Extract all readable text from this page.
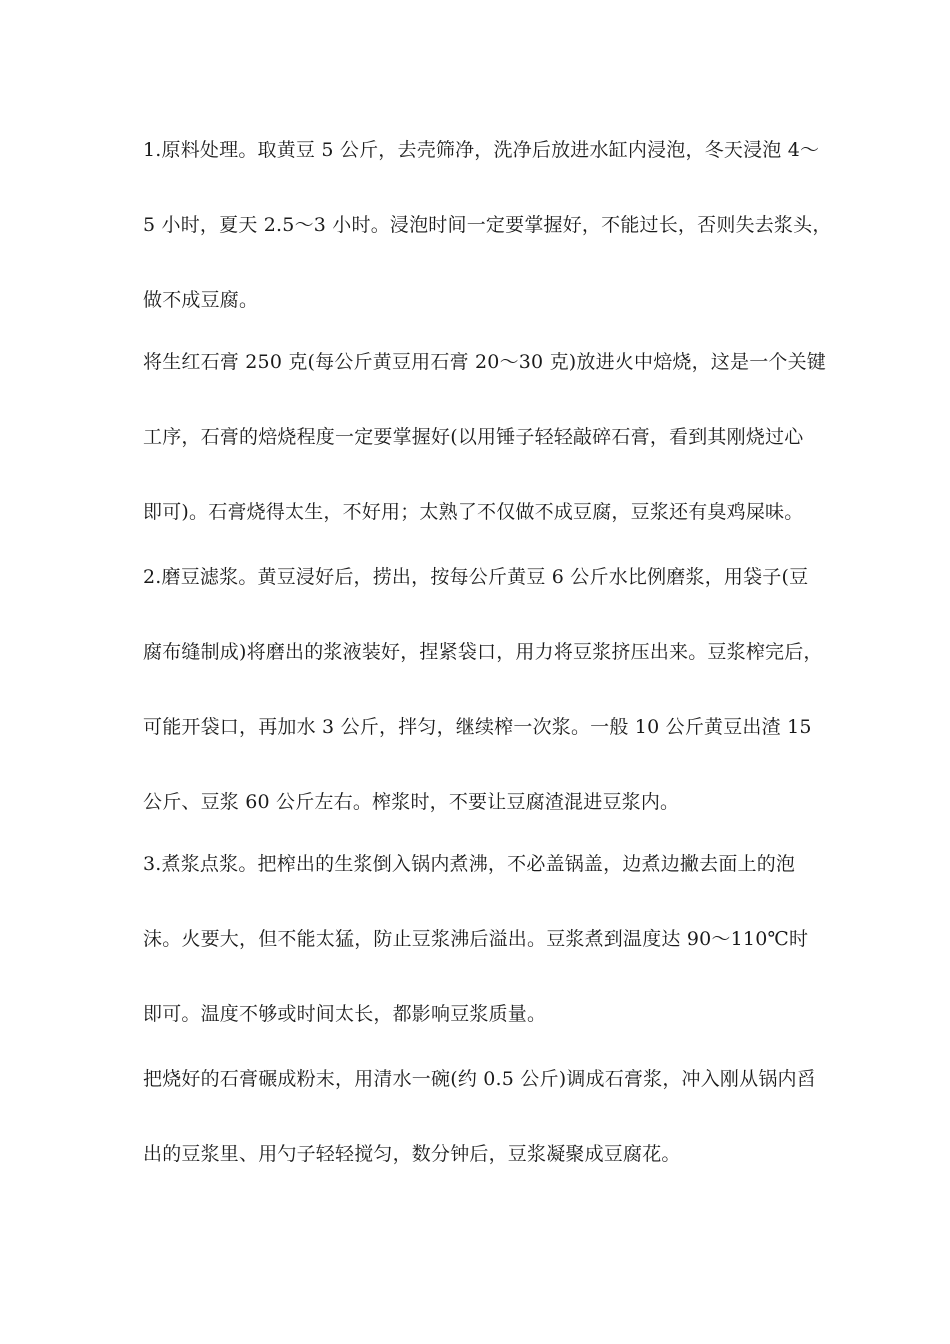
1.原料处理。取黄豆 5 公斤，去壳筛净，洗净后放进水缸内浸泡，冬天浸泡 4～
5 小时，夏天 2.5～3 小时。浸泡时间一定要掌握好，不能过长，否则失去浆头，
做不成豆腐。
将生红石膏 250 克(每公斤黄豆用石膏 20～30 克)放进火中焙烧，这是一个关键
工序，石膏的焙烧程度一定要掌握好(以用锤子轻轻敲碎石膏，看到其刚烧过心
即可)。石膏烧得太生，不好用；太熟了不仅做不成豆腐，豆浆还有臭鸡屎味。
2.磨豆滤浆。黄豆浸好后，捞出，按每公斤黄豆 6 公斤水比例磨浆，用袋子(豆
腐布缝制成)将磨出的浆液装好，捏紧袋口，用力将豆浆挤压出来。豆浆榨完后，
可能开袋口，再加水 3 公斤，拌匀，继续榨一次浆。一般 10 公斤黄豆出渣 15
公斤、豆浆 60 公斤左右。榨浆时，不要让豆腐渣混进豆浆内。
3.煮浆点浆。把榨出的生浆倒入锅内煮沸，不必盖锅盖，边煮边撇去面上的泡
沫。火要大，但不能太猛，防止豆浆沸后溢出。豆浆煮到温度达 90～110℃时
即可。温度不够或时间太长，都影响豆浆质量。
把烧好的石膏碾成粉末，用清水一碗(约 0.5 公斤)调成石膏浆，冲入刚从锅内舀
出的豆浆里、用勺子轻轻搅匀，数分钟后，豆浆凝聚成豆腐花。
